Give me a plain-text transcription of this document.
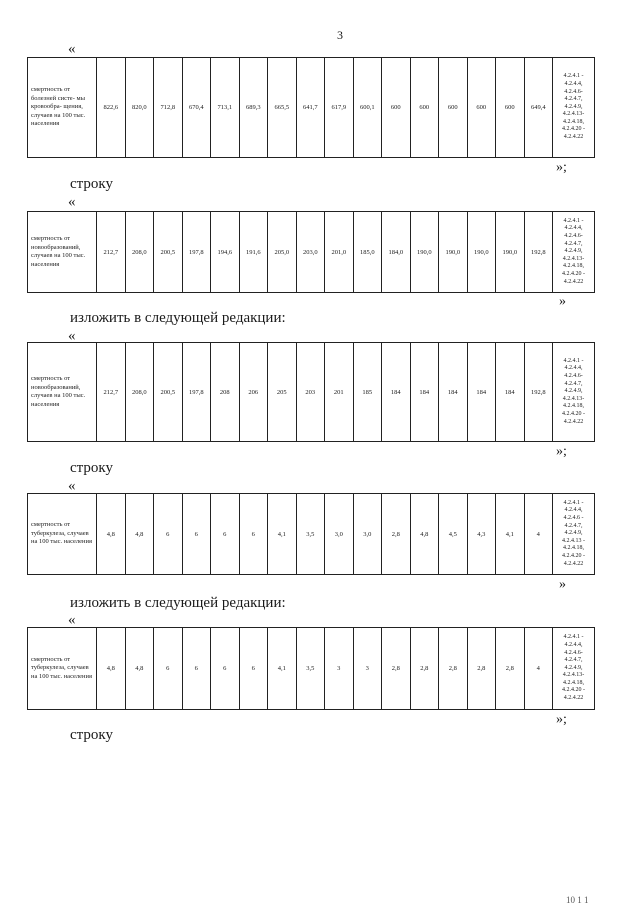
3
10 1 1
«
смертность от болезней систе- мы кровообра- щения, случаев на 100 тыс. населения	822,6	820,0	712,8	670,4	713,1	689,3	665,5	641,7	617,9	600,1	600	600	600	600	600	649,4	
4.2.4.1 -
4.2.4.4,
4.2.4.6-
4.2.4.7,
4.2.4.9,
4.2.4.13-
4.2.4.18,
4.2.4.20 -
4.2.4.22
»;
строку
«
смертность от новообразований, случаев на 100 тыс. населения	212,7	208,0	200,5	197,8	194,6	191,6	205,0	203,0	201,0	185,0	184,0	190,0	190,0	190,0	190,0	192,8	
4.2.4.1 -
4.2.4.4,
4.2.4.6-
4.2.4.7,
4.2.4.9,
4.2.4.13-
4.2.4.18,
4.2.4.20 -
4.2.4.22
»
изложить в следующей редакции:
«
смертность от новообразований, случаев на 100 тыс. населения	212,7	208,0	200,5	197,8	208	206	205	203	201	185	184	184	184	184	184	192,8	
4.2.4.1 -
4.2.4.4,
4.2.4.6-
4.2.4.7,
4.2.4.9,
4.2.4.13-
4.2.4.18,
4.2.4.20 -
4.2.4.22
»;
строку
«
смертность от туберкулеза, случаев на 100 тыс. населения	4,8	4,8	6	6	6	6	4,1	3,5	3,0	3,0	2,8	4,8	4,5	4,3	4,1	4	
4.2.4.1 -
4.2.4.4,
4.2.4.6 -
4.2.4.7,
4.2.4.9,
4.2.4.13 -
4.2.4.18,
4.2.4.20 -
4.2.4.22
»
изложить в следующей редакции:
«
смертность от туберкулеза, случаев на 100 тыс. населения	4,8	4,8	6	6	6	6	4,1	3,5	3	3	2,8	2,8	2,8	2,8	2,8	4	
4.2.4.1 -
4.2.4.4,
4.2.4.6-
4.2.4.7,
4.2.4.9,
4.2.4.13-
4.2.4.18,
4.2.4.20 -
4.2.4.22
»;
строку
